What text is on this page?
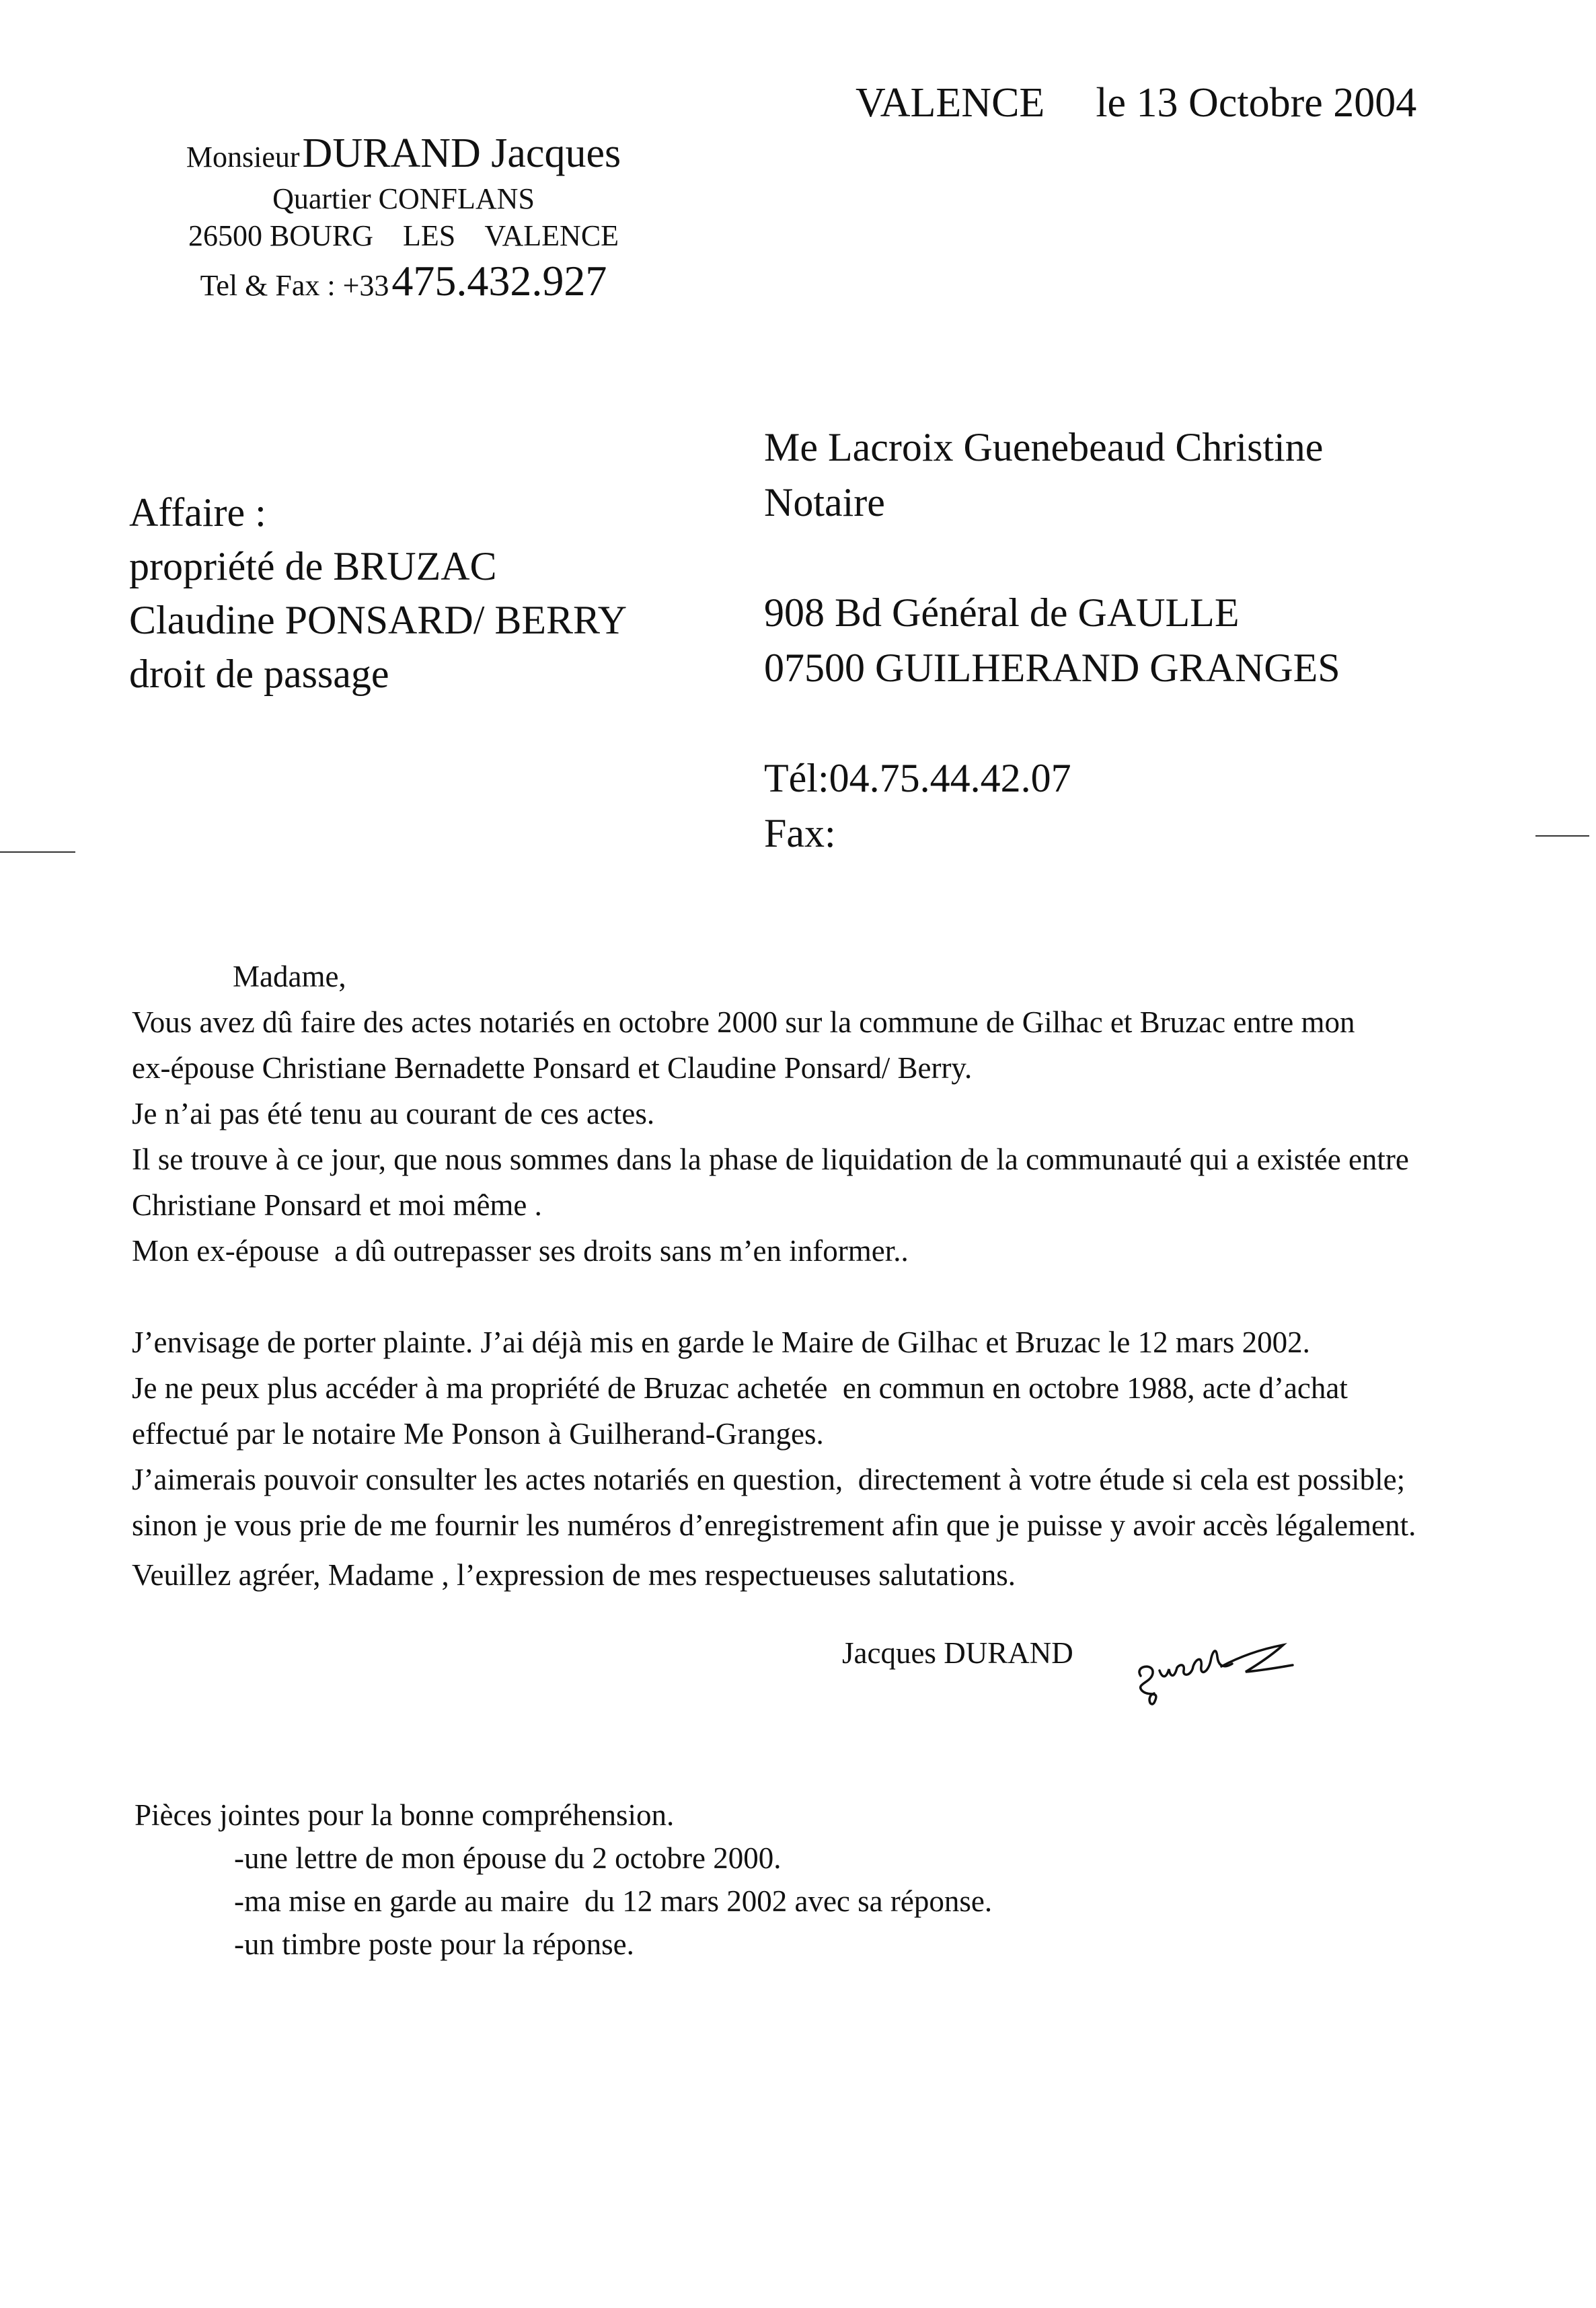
Monsieur DURAND Jacques
Quartier CONFLANS
26500 BOURG    LES    VALENCE
Tel & Fax : +33 475.432.927
VALENCE le 13 Octobre 2004
Affaire :
propriété de BRUZAC
Claudine PONSARD/ BERRY
droit de passage
Me Lacroix Guenebeaud Christine
Notaire
908 Bd Général de GAULLE
07500 GUILHERAND GRANGES
Tél:04.75.44.42.07
Fax:
Madame,
Vous avez dû faire des actes notariés en octobre 2000 sur la commune de Gilhac et Bruzac entre mon
ex-épouse Christiane Bernadette Ponsard et Claudine Ponsard/ Berry.
Je n’ai pas été tenu au courant de ces actes.
Il se trouve à ce jour, que nous sommes dans la phase de liquidation de la communauté qui a existée entre
Christiane Ponsard et moi même .
Mon ex-épouse  a dû outrepasser ses droits sans m’en informer..
J’envisage de porter plainte. J’ai déjà mis en garde le Maire de Gilhac et Bruzac le 12 mars 2002.
Je ne peux plus accéder à ma propriété de Bruzac achetée  en commun en octobre 1988, acte d’achat
effectué par le notaire Me Ponson à Guilherand-Granges.
J’aimerais pouvoir consulter les actes notariés en question,  directement à votre étude si cela est possible;
sinon je vous prie de me fournir les numéros d’enregistrement afin que je puisse y avoir accès légalement.
Veuillez agréer, Madame , l’expression de mes respectueuses salutations.
Jacques DURAND
Pièces jointes pour la bonne compréhension.
-une lettre de mon épouse du 2 octobre 2000.
-ma mise en garde au maire  du 12 mars 2002 avec sa réponse.
-un timbre poste pour la réponse.
